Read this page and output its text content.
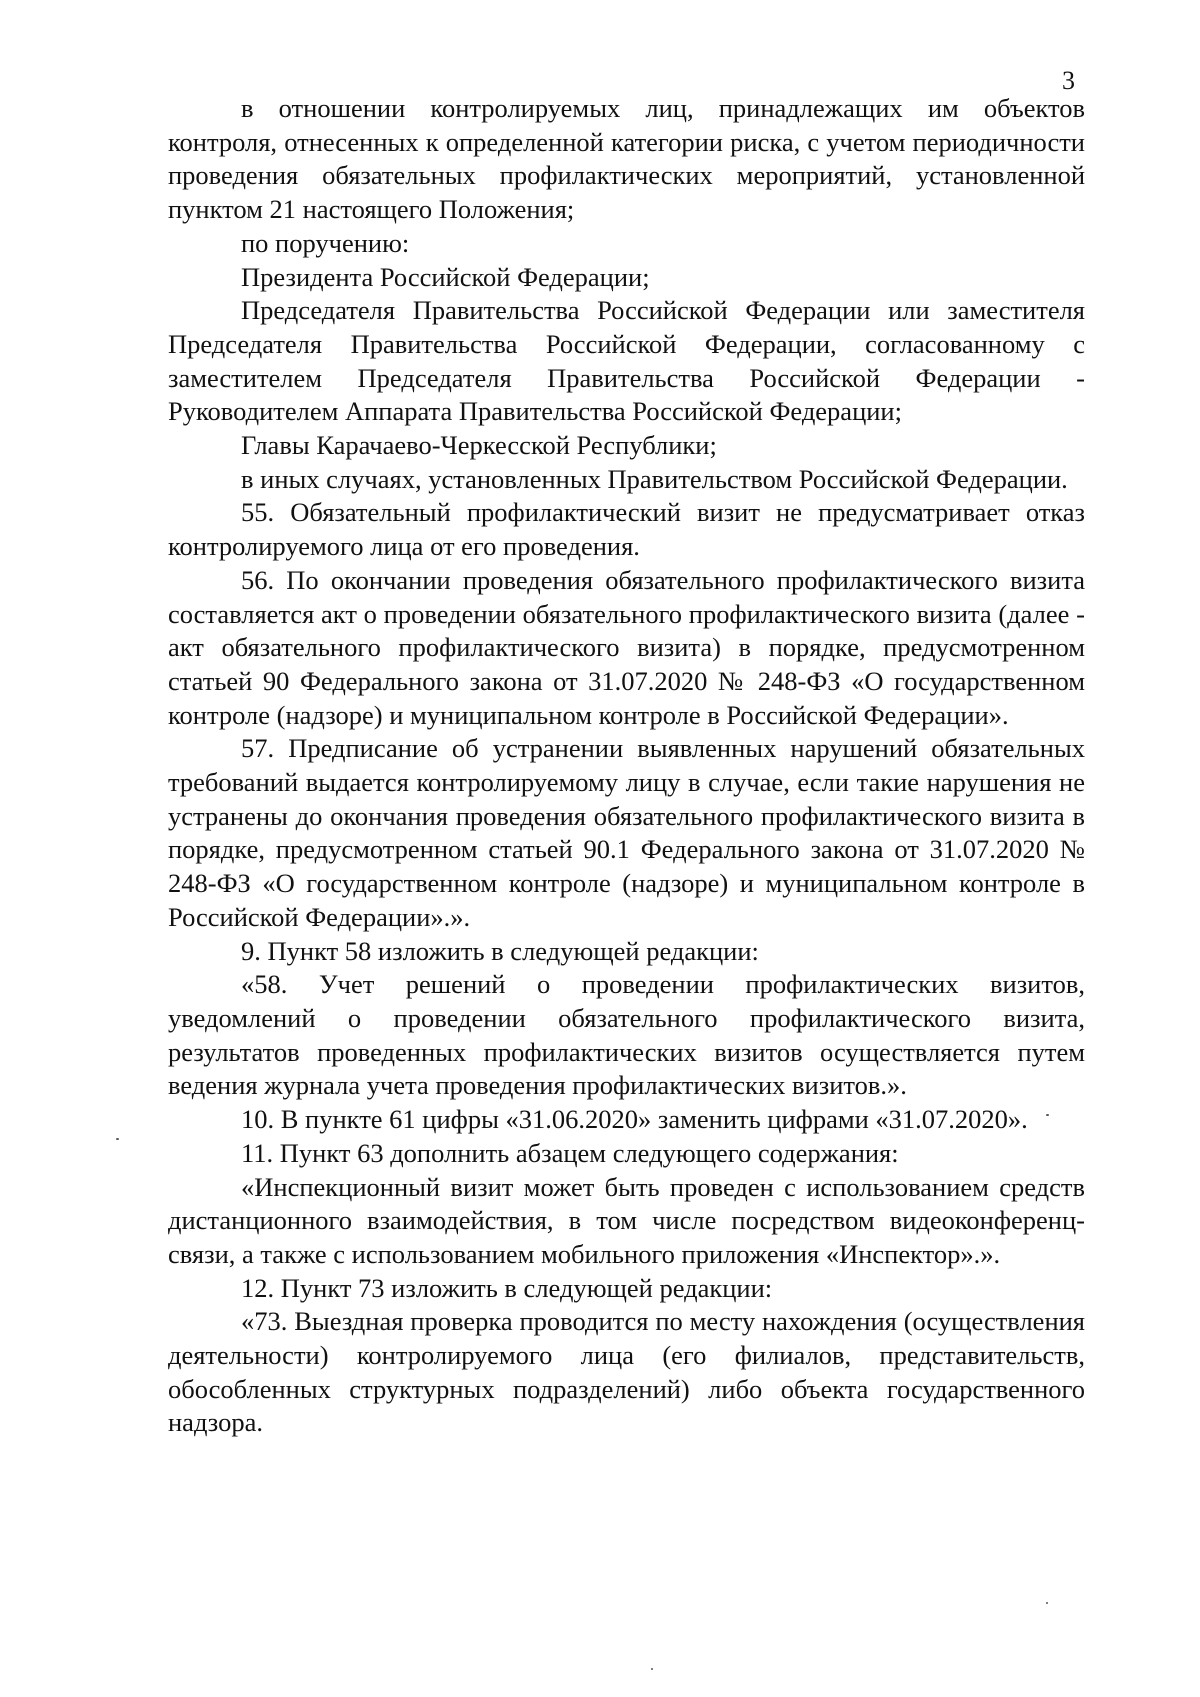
3

в отношении контролируемых лиц, принадлежащих им объектов контроля, отнесенных к определенной категории риска, с учетом периодичности проведения обязательных профилактических мероприятий, установленной пунктом 21 настоящего Положения;

по поручению:

Президента Российской Федерации;

Председателя Правительства Российской Федерации или заместителя Председателя Правительства Российской Федерации, согласованному с заместителем Председателя Правительства Российской Федерации - Руководителем Аппарата Правительства Российской Федерации;

Главы Карачаево-Черкесской Республики;

в иных случаях, установленных Правительством Российской Федерации.

55. Обязательный профилактический визит не предусматривает отказ контролируемого лица от его проведения.

56. По окончании проведения обязательного профилактического визита составляется акт о проведении обязательного профилактического визита (далее - акт обязательного профилактического визита) в порядке, предусмотренном статьей 90 Федерального закона от 31.07.2020 № 248-ФЗ «О государственном контроле (надзоре) и муниципальном контроле в Российской Федерации».

57. Предписание об устранении выявленных нарушений обязательных требований выдается контролируемому лицу в случае, если такие нарушения не устранены до окончания проведения обязательного профилактического визита в порядке, предусмотренном статьей 90.1 Федерального закона от 31.07.2020 № 248-ФЗ «О государственном контроле (надзоре) и муниципальном контроле в Российской Федерации».».

9. Пункт 58 изложить в следующей редакции:

«58. Учет решений о проведении профилактических визитов, уведомлений о проведении обязательного профилактического визита, результатов проведенных профилактических визитов осуществляется путем ведения журнала учета проведения профилактических визитов.».

10. В пункте 61 цифры «31.06.2020» заменить цифрами «31.07.2020».

11. Пункт 63 дополнить абзацем следующего содержания:

«Инспекционный визит может быть проведен с использованием средств дистанционного взаимодействия, в том числе посредством видеоконференц-связи, а также с использованием мобильного приложения «Инспектор».».

12. Пункт 73 изложить в следующей редакции:

«73. Выездная проверка проводится по месту нахождения (осуществления деятельности) контролируемого лица (его филиалов, представительств, обособленных структурных подразделений) либо объекта государственного надзора.
